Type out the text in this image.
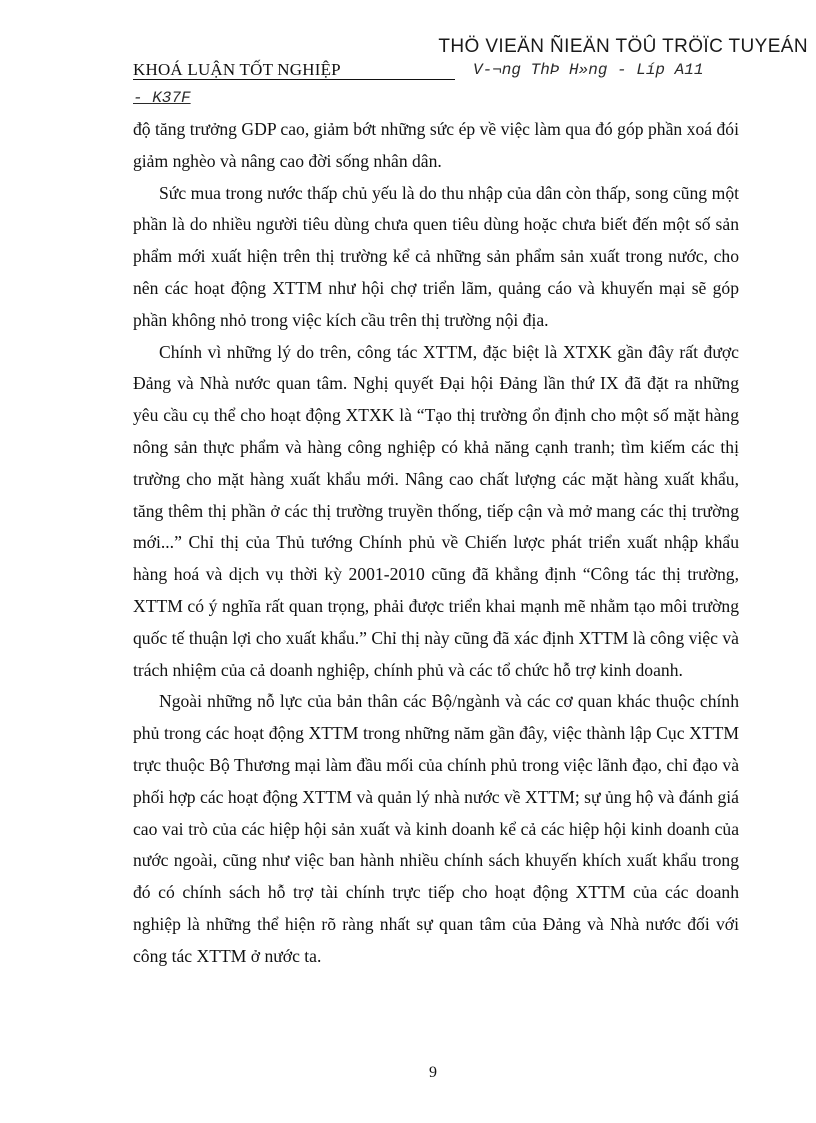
THÖ VIEÄN ÑIEÄN TÖÛ TRÖÏC TUYEÁN
KHOÁ LUẬN TỐT NGHIỆP	V-¬ng ThÞ H»ng - Líp A11
- K37F

độ tăng trưởng GDP cao, giảm bớt những sức ép về việc làm qua đó góp phần xoá đói giảm nghèo và nâng cao đời sống nhân dân.

Sức mua trong nước thấp chủ yếu là do thu nhập của dân còn thấp, song cũng một phần là do nhiều người tiêu dùng chưa quen tiêu dùng hoặc chưa biết đến một số sản phẩm mới xuất hiện trên thị trường kể cả những sản phẩm sản xuất trong nước, cho nên các hoạt động XTTM như hội chợ triển lãm, quảng cáo và khuyến mại sẽ góp phần không nhỏ trong việc kích cầu trên thị trường nội địa.

Chính vì những lý do trên, công tác XTTM, đặc biệt là XTXK gần đây rất được Đảng và Nhà nước quan tâm. Nghị quyết Đại hội Đảng lần thứ IX đã đặt ra những yêu cầu cụ thể cho hoạt động XTXK là “Tạo thị trường ổn định cho một số mặt hàng nông sản thực phẩm và hàng công nghiệp có khả năng cạnh tranh; tìm kiếm các thị trường cho mặt hàng xuất khẩu mới. Nâng cao chất lượng các mặt hàng xuất khẩu, tăng thêm thị phần ở các thị trường truyền thống, tiếp cận và mở mang các thị trường mới...” Chỉ thị của Thủ tướng Chính phủ về Chiến lược phát triển xuất nhập khẩu hàng hoá và dịch vụ thời kỳ 2001-2010 cũng đã khẳng định “Công tác thị trường, XTTM có ý nghĩa rất quan trọng, phải được triển khai mạnh mẽ nhằm tạo môi trường quốc tế thuận lợi cho xuất khẩu.” Chỉ thị này cũng đã xác định XTTM là công việc và trách nhiệm của cả doanh nghiệp, chính phủ và các tổ chức hỗ trợ kinh doanh.

Ngoài những nỗ lực của bản thân các Bộ/ngành và các cơ quan khác thuộc chính phủ trong các hoạt động XTTM trong những năm gần đây, việc thành lập Cục XTTM trực thuộc Bộ Thương mại làm đầu mối của chính phủ trong việc lãnh đạo, chỉ đạo và phối hợp các hoạt động XTTM và quản lý nhà nước về XTTM; sự ủng hộ và đánh giá cao vai trò của các hiệp hội sản xuất và kinh doanh kể cả các hiệp hội kinh doanh của nước ngoài, cũng như việc ban hành nhiều chính sách khuyến khích xuất khẩu trong đó có chính sách hỗ trợ tài chính trực tiếp cho hoạt động XTTM của các doanh nghiệp là những thể hiện rõ ràng nhất sự quan tâm của Đảng và Nhà nước đối với công tác XTTM ở nước ta.

9
